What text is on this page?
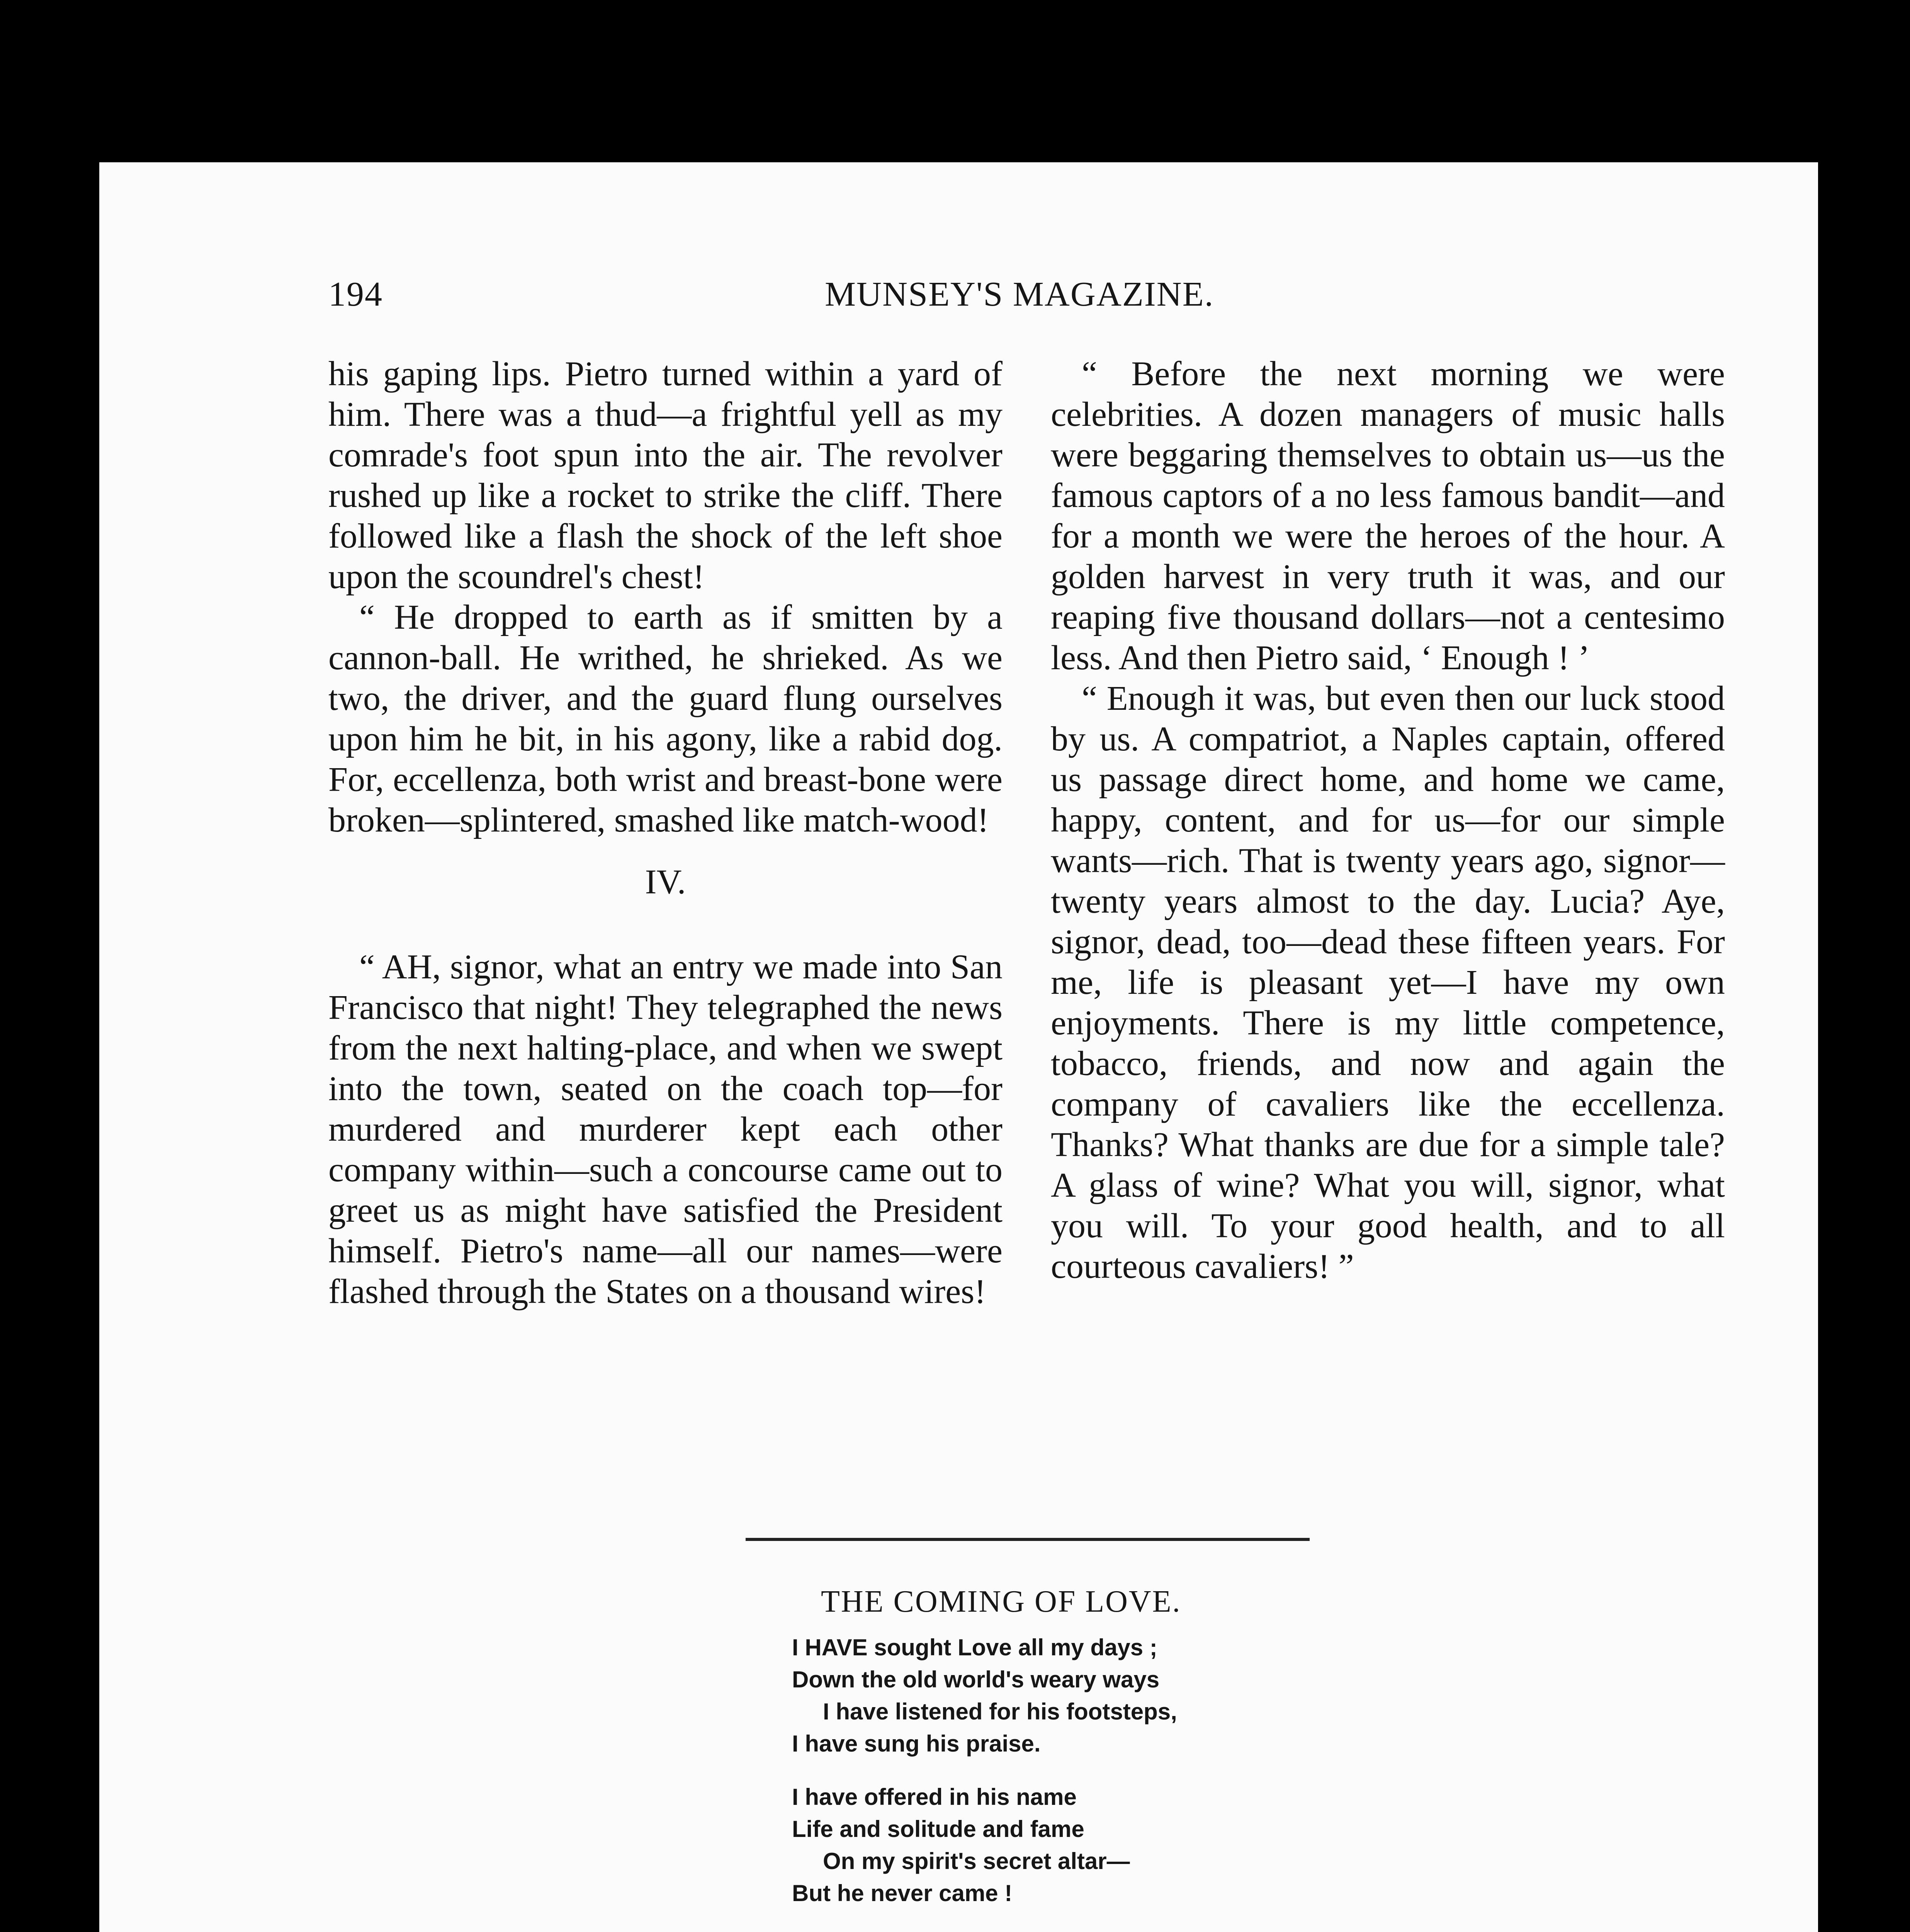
194	MUNSEY'S MAGAZINE.

his gaping lips. Pietro turned within a yard of him. There was a thud—a frightful yell as my comrade's foot spun into the air. The revolver rushed up like a rocket to strike the cliff. There followed like a flash the shock of the left shoe upon the scoundrel's chest!

“ He dropped to earth as if smitten by a cannon-ball. He writhed, he shrieked. As we two, the driver, and the guard flung ourselves upon him he bit, in his agony, like a rabid dog. For, eccellenza, both wrist and breast-bone were broken—splintered, smashed like match-wood!

IV.

“ AH, signor, what an entry we made into San Francisco that night! They telegraphed the news from the next halting-place, and when we swept into the town, seated on the coach top—for murdered and murderer kept each other company within—such a concourse came out to greet us as might have satisfied the President himself. Pietro's name—all our names—were flashed through the States on a thousand wires!

“ Before the next morning we were celebrities. A dozen managers of music halls were beggaring themselves to obtain us—us the famous captors of a no less famous bandit—and for a month we were the heroes of the hour. A golden harvest in very truth it was, and our reaping five thousand dollars—not a centesimo less. And then Pietro said, ‘ Enough ! ’

“ Enough it was, but even then our luck stood by us. A compatriot, a Naples captain, offered us passage direct home, and home we came, happy, content, and for us—for our simple wants—rich. That is twenty years ago, signor—twenty years almost to the day. Lucia? Aye, signor, dead, too—dead these fifteen years. For me, life is pleasant yet—I have my own enjoyments. There is my little competence, tobacco, friends, and now and again the company of cavaliers like the eccellenza. Thanks? What thanks are due for a simple tale? A glass of wine? What you will, signor, what you will. To your good health, and to all courteous cavaliers! ”

THE COMING OF LOVE.
I HAVE sought Love all my days ;
Down the old world's weary ways
I have listened for his footsteps,
I have sung his praise.
I have offered in his name
Life and solitude and fame
On my spirit's secret altar—
But he never came !
